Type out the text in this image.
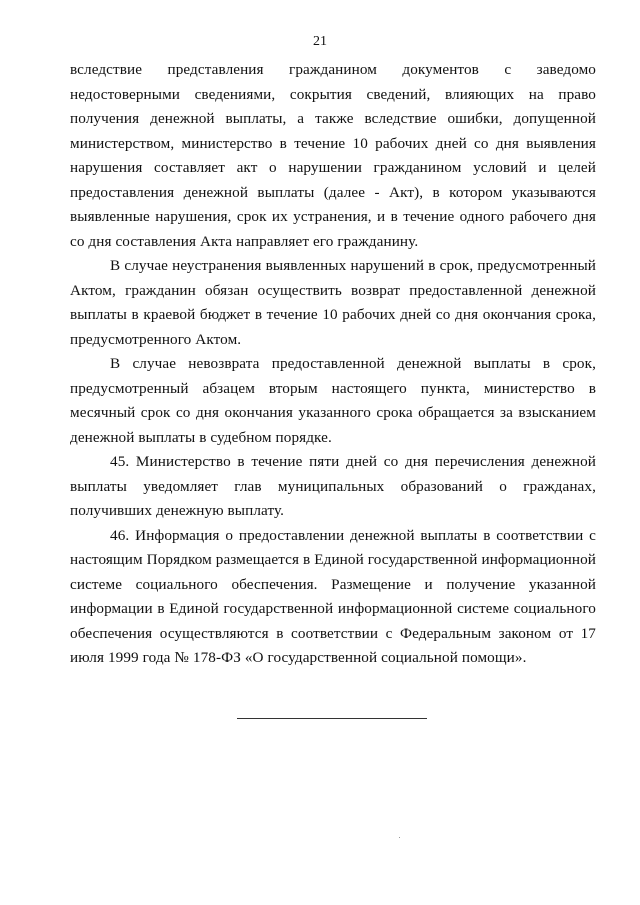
21

вследствие представления гражданином документов с заведомо недостоверными сведениями, сокрытия сведений, влияющих на право получения денежной выплаты, а также вследствие ошибки, допущенной министерством, министерство в течение 10 рабочих дней со дня выявления нарушения составляет акт о нарушении гражданином условий и целей предоставления денежной выплаты (далее - Акт), в котором указываются выявленные нарушения, срок их устранения, и в течение одного рабочего дня со дня составления Акта направляет его гражданину.

В случае неустранения выявленных нарушений в срок, предусмотренный Актом, гражданин обязан осуществить возврат предоставленной денежной выплаты в краевой бюджет в течение 10 рабочих дней со дня окончания срока, предусмотренного Актом.

В случае невозврата предоставленной денежной выплаты в срок, предусмотренный абзацем вторым настоящего пункта, министерство в месячный срок со дня окончания указанного срока обращается за взысканием денежной выплаты в судебном порядке.

45. Министерство в течение пяти дней со дня перечисления денежной выплаты уведомляет глав муниципальных образований о гражданах, получивших денежную выплату.

46. Информация о предоставлении денежной выплаты в соответствии с настоящим Порядком размещается в Единой государственной информационной системе социального обеспечения. Размещение и получение указанной информации в Единой государственной информационной системе социального обеспечения осуществляются в соответствии с Федеральным законом от 17 июля 1999 года № 178-ФЗ «О государственной социальной помощи».
